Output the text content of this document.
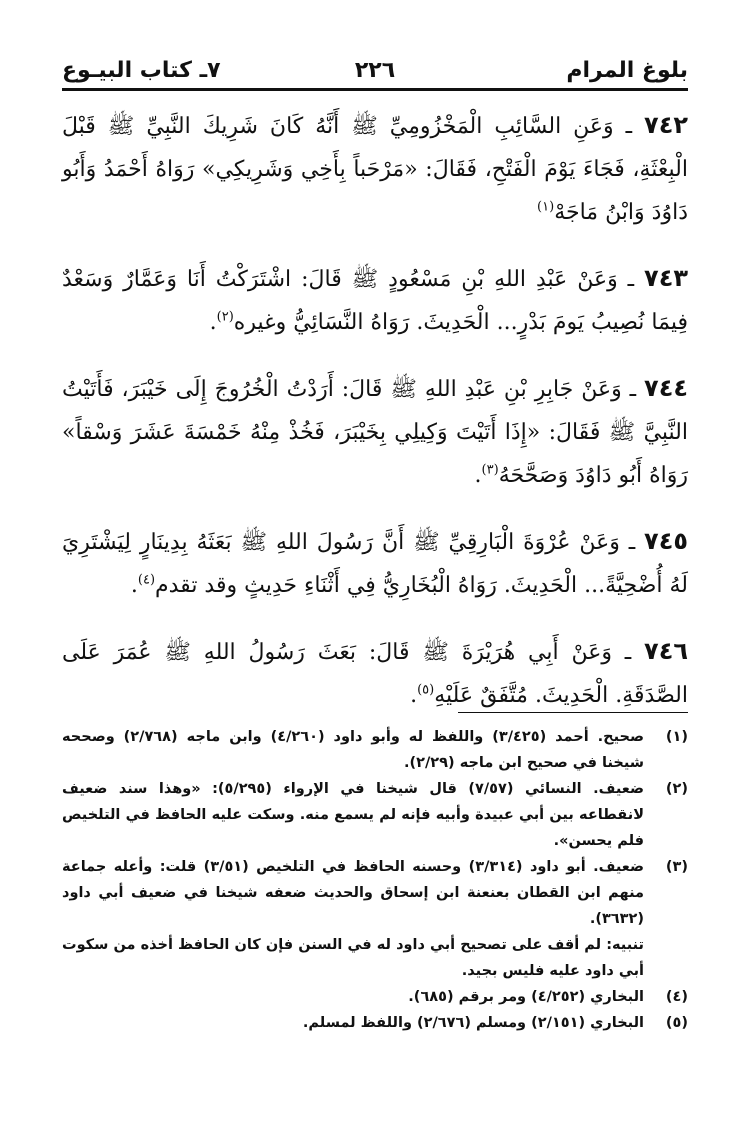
بلوغ المرام
٢٢٦
٧ـ كتاب البيـوع

٧٤٢ ـ وَعَنِ السَّائِبِ الْمَخْزُومِيِّ ﷺ أَنَّهُ كَانَ شَرِيكَ النَّبِيِّ ﷺ قَبْلَ الْبِعْثَةِ، فَجَاءَ يَوْمَ الْفَتْحِ، فَقَالَ: «مَرْحَباً بِأَخِي وَشَرِيكِي» رَوَاهُ أَحْمَدُ وَأَبُو دَاوُدَ وَابْنُ مَاجَهْ$^{(١)}$

٧٤٣ ـ وَعَنْ عَبْدِ اللهِ بْنِ مَسْعُودٍ ﷺ قَالَ: اشْتَرَكْتُ أَنَا وَعَمَّارٌ وَسَعْدٌ فِيمَا نُصِيبُ يَومَ بَدْرٍ... الْحَدِيثَ. رَوَاهُ النَّسَائِيُّ وغيره$^{(٢)}$.

٧٤٤ ـ وَعَنْ جَابِرِ بْنِ عَبْدِ اللهِ ﷺ قَالَ: أَرَدْتُ الْخُرُوجَ إِلَى خَيْبَرَ، فَأَتَيْتُ النَّبِيَّ ﷺ فَقَالَ: «إِذَا أَتَيْتَ وَكِيلِي بِخَيْبَرَ، فَخُذْ مِنْهُ خَمْسَةَ عَشَرَ وَسْقاً» رَوَاهُ أَبُو دَاوُدَ وَصَحَّحَهُ$^{(٣)}$.

٧٤٥ ـ وَعَنْ عُرْوَةَ الْبَارِقِيِّ ﷺ أَنَّ رَسُولَ اللهِ ﷺ بَعَثَهُ بِدِينَارٍ لِيَشْتَرِيَ لَهُ أُضْحِيَّةً... الْحَدِيثَ. رَوَاهُ الْبُخَارِيُّ فِي أَثْنَاءِ حَدِيثٍ وقد تقدم$^{(٤)}$.

٧٤٦ ـ وَعَنْ أَبِي هُرَيْرَةَ ﷺ قَالَ: بَعَثَ رَسُولُ اللهِ ﷺ عُمَرَ عَلَى الصَّدَقَةِ. الْحَدِيثَ. مُتَّفَقٌ عَلَيْهِ$^{(٥)}$.

(١)
صحيح. أحمد (٣/٤٢٥) واللفظ له وأبو داود (٤/٢٦٠) وابن ماجه (٢/٧٦٨) وصححه شيخنا في صحيح ابن ماجه (٢/٢٩).
(٢)
ضعيف. النسائي (٧/٥٧) قال شيخنا في الإرواء (٥/٢٩٥): «وهذا سند ضعيف لانقطاعه بين أبي عبيدة وأبيه فإنه لم يسمع منه. وسكت عليه الحافظ في التلخيص فلم يحسن».
(٣)
ضعيف. أبو داود (٣/٣١٤) وحسنه الحافظ في التلخيص (٣/٥١) قلت: وأعله جماعة منهم ابن القطان بعنعنة ابن إسحاق والحديث ضعفه شيخنا في ضعيف أبي داود (٣٦٣٢).
تنبيه: لم أقف على تصحيح أبي داود له في السنن فإن كان الحافظ أخذه من سكوت أبي داود عليه فليس بجيد.
(٤)
البخاري (٤/٢٥٢) ومر برقم (٦٨٥).
(٥)
البخاري (٢/١٥١) ومسلم (٢/٦٧٦) واللفظ لمسلم.
